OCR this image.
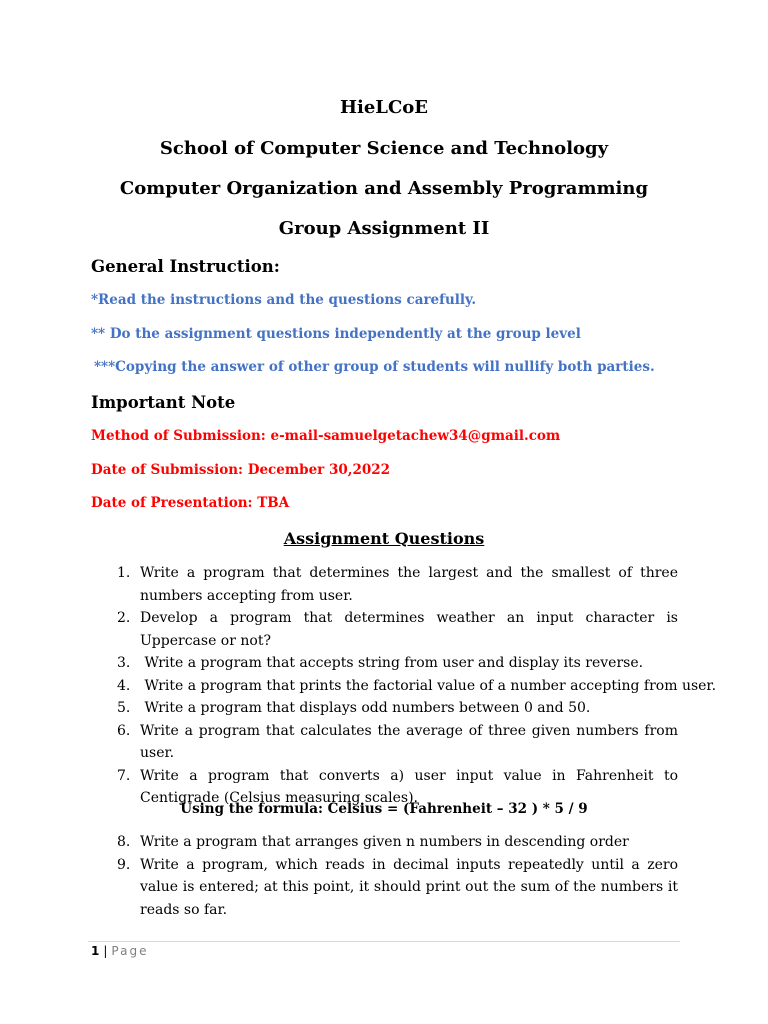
HieLCoE
School of Computer Science and Technology
Computer Organization and Assembly Programming
Group Assignment II
General Instruction:
*Read the instructions and the questions carefully.
** Do the assignment questions independently at the group level
***Copying the answer of other group of students will nullify both parties.
Important Note
Method of Submission: e-mail-samuelgetachew34@gmail.com
Date of Submission: December 30,2022
Date of Presentation: TBA
Assignment Questions
1. Write a program that determines the largest and the smallest of three numbers accepting from user.
2. Develop a program that determines weather an input character is Uppercase or not?
3. Write a program that accepts string from user and display its reverse.
4. Write a program that prints the factorial value of a number accepting from user.
5. Write a program that displays odd numbers between 0 and 50.
6. Write a program that calculates the average of three given numbers from user.
7. Write a program that converts a) user input value in Fahrenheit to Centigrade (Celsius measuring scales).
Using the formula: Celsius = (Fahrenheit – 32 ) * 5 / 9
8. Write a program that arranges given n numbers in descending order
9. Write a program, which reads in decimal inputs repeatedly until a zero value is entered; at this point, it should print out the sum of the numbers it reads so far.
1 | Page
